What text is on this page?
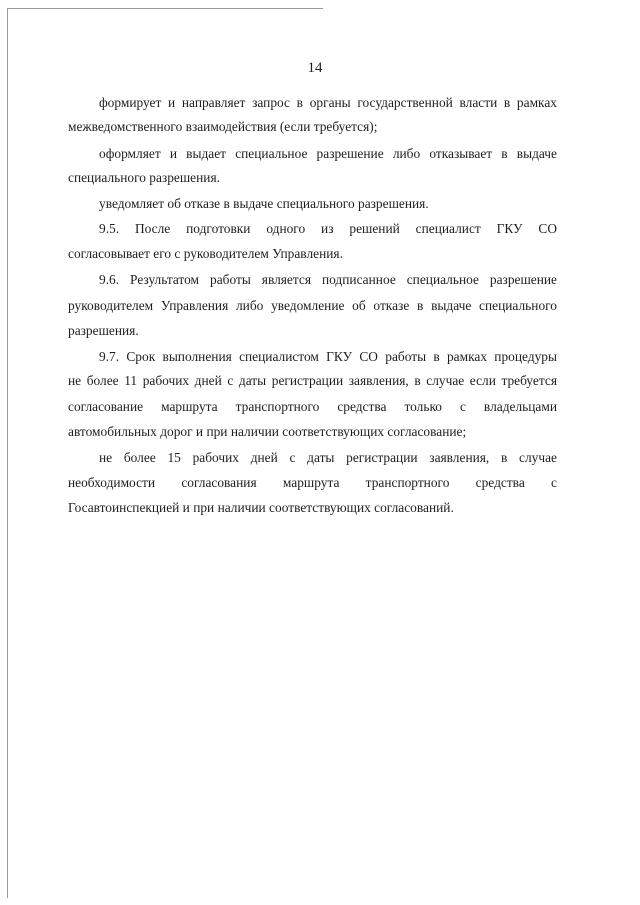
14
формирует и направляет запрос в органы государственной власти в рамках
межведомственного взаимодействия (если требуется);
оформляет и выдает специальное разрешение либо отказывает в выдаче
специального разрешения.
уведомляет об отказе в выдаче специального разрешения.
9.5. После подготовки одного из решений специалист ГКУ СО
согласовывает его с руководителем Управления.
9.6. Результатом работы является подписанное специальное разрешение
руководителем Управления либо уведомление об отказе в выдаче специального
разрешения.
9.7. Срок выполнения специалистом ГКУ СО работы в рамках процедуры
не более 11 рабочих дней с даты регистрации заявления, в случае если требуется
согласование маршрута транспортного средства только с владельцами
автомобильных дорог и при наличии соответствующих согласование;
не более 15 рабочих дней с даты регистрации заявления, в случае
необходимости согласования маршрута транспортного средства с
Госавтоинспекцией и при наличии соответствующих согласований.
